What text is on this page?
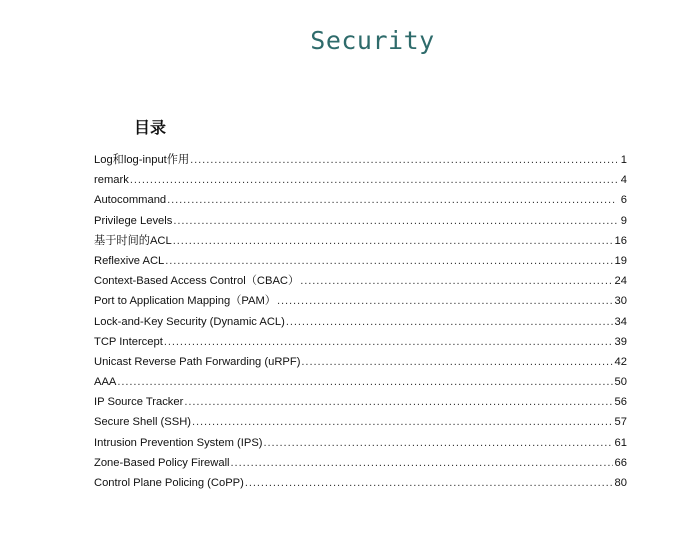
Security
目录
Log和log-input作用 .....	1
remark .....	4
Autocommand .....	6
Privilege Levels .....	9
基于时间的ACL .....	16
Reflexive ACL .....	19
Context-Based Access Control（CBAC） .....	24
Port to Application Mapping（PAM） .....	30
Lock-and-Key Security (Dynamic ACL) .....	34
TCP Intercept .....	39
Unicast Reverse Path Forwarding (uRPF) .....	42
AAA .....	50
IP Source Tracker .....	56
Secure Shell (SSH) .....	57
Intrusion Prevention System (IPS) .....	61
Zone-Based Policy Firewall .....	66
Control Plane Policing (CoPP) .....	80
